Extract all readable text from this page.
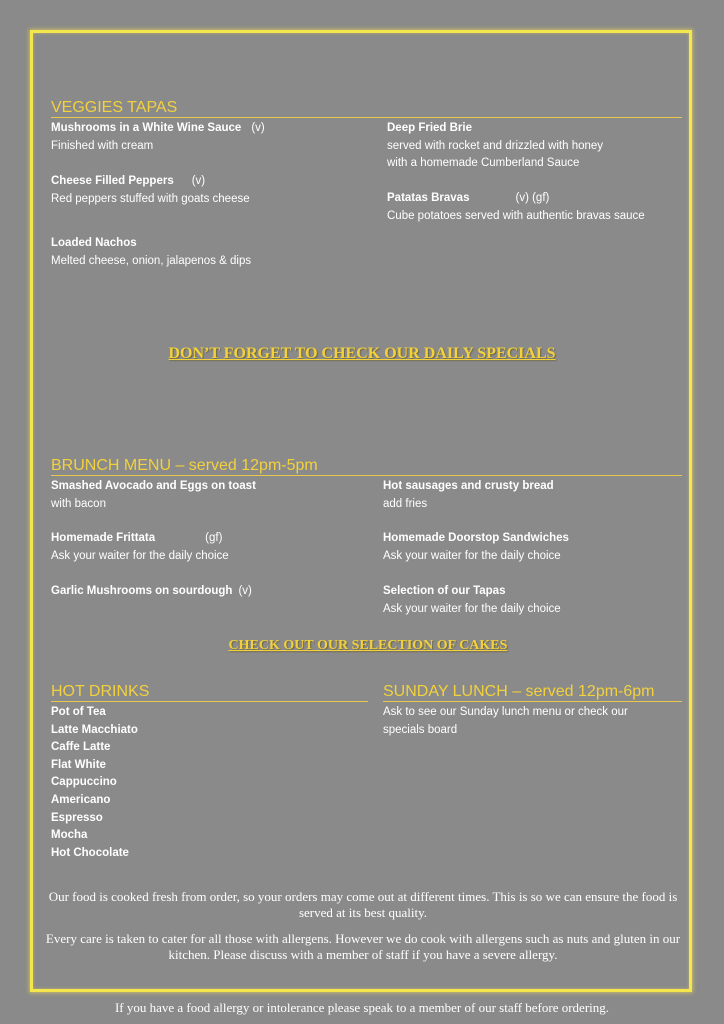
VEGGIES TAPAS
Mushrooms in a White Wine Sauce (v)
Finished with cream
Cheese Filled Peppers (v)
Red peppers stuffed with goats cheese
Loaded Nachos
Melted cheese, onion, jalapenos & dips
Deep Fried Brie
served with rocket and drizzled with honey
with a homemade Cumberland Sauce
Patatas Bravas	(v) (gf)
Cube potatoes served with authentic bravas sauce
DON’T FORGET TO CHECK OUR DAILY SPECIALS
BRUNCH MENU – served 12pm-5pm
Smashed Avocado and Eggs on toast
with bacon
Homemade Frittata	(gf)
Ask your waiter for the daily choice
Garlic Mushrooms on sourdough (v)
Hot sausages and crusty bread
add fries
Homemade Doorstop Sandwiches
Ask your waiter for the daily choice
Selection of our Tapas
Ask your waiter for the daily choice
CHECK OUT OUR SELECTION OF CAKES
HOT DRINKS
Pot of Tea
Latte Macchiato
Caffe Latte
Flat White
Cappuccino
Americano
Espresso
Mocha
Hot Chocolate
SUNDAY LUNCH – served 12pm-6pm
Ask to see our Sunday lunch menu or check our
specials board
Our food is cooked fresh from order, so your orders may come out at different times. This is so we can ensure the food is served at its best quality.
Every care is taken to cater for all those with allergens. However we do cook with allergens such as nuts and gluten in our kitchen. Please discuss with a member of staff if you have a severe allergy.
If you have a food allergy or intolerance please speak to a member of our staff before ordering.
